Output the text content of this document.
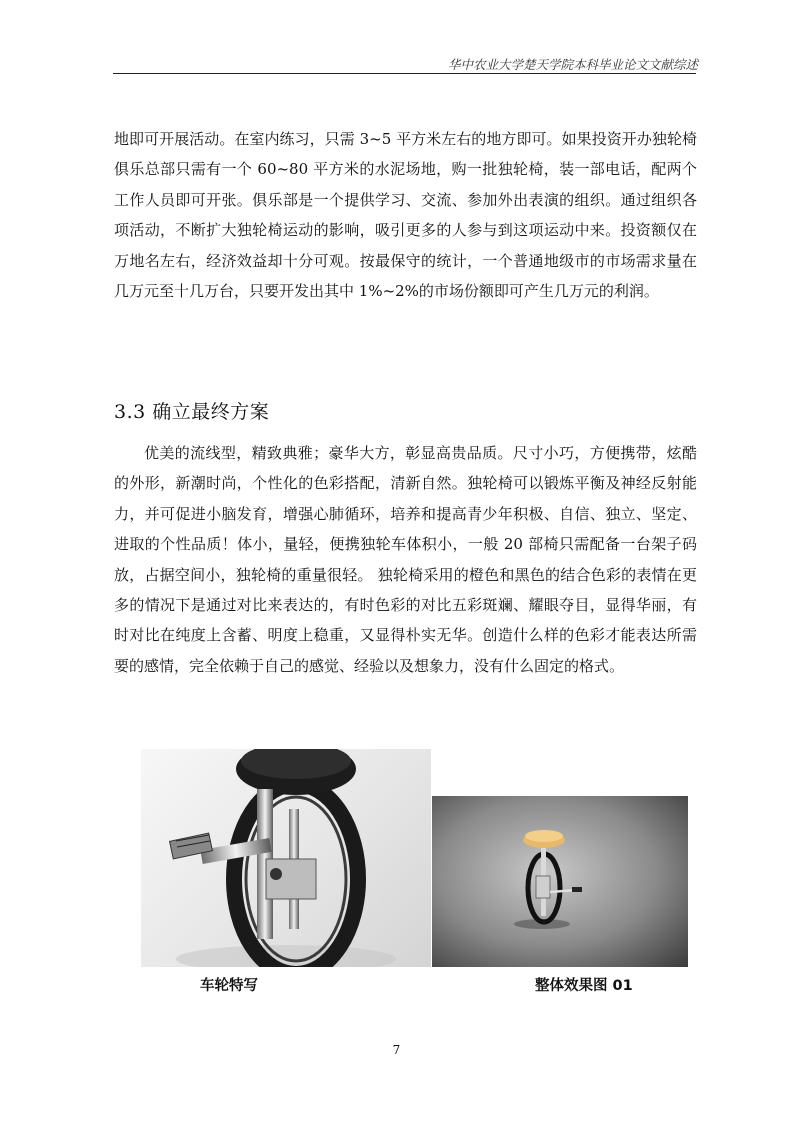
华中农业大学楚天学院本科毕业论文文献综述

地即可开展活动。在室内练习，只需 3~5 平方米左右的地方即可。如果投资开办独轮椅俱乐总部只需有一个 60~80 平方米的水泥场地，购一批独轮椅，装一部电话，配两个工作人员即可开张。俱乐部是一个提供学习、交流、参加外出表演的组织。通过组织各项活动，不断扩大独轮椅运动的影响，吸引更多的人参与到这项运动中来。投资额仅在万地名左右，经济效益却十分可观。按最保守的统计，一个普通地级市的市场需求量在几万元至十几万台，只要开发出其中 1%~2%的市场份额即可产生几万元的利润。

3.3 确立最终方案

优美的流线型，精致典雅；豪华大方，彰显高贵品质。尺寸小巧，方便携带，炫酷的外形，新潮时尚，个性化的色彩搭配，清新自然。独轮椅可以锻炼平衡及神经反射能力，并可促进小脑发育，增强心肺循环，培养和提高青少年积极、自信、独立、坚定、进取的个性品质！体小，量轻，便携独轮车体积小，一般 20 部椅只需配备一台架子码放，占据空间小，独轮椅的重量很轻。 独轮椅采用的橙色和黑色的结合色彩的表情在更多的情况下是通过对比来表达的，有时色彩的对比五彩斑斓、耀眼夺目，显得华丽，有时对比在纯度上含蓄、明度上稳重，又显得朴实无华。创造什么样的色彩才能表达所需要的感情，完全依赖于自己的感觉、经验以及想象力，没有什么固定的格式。

车轮特写	整体效果图 01
7
